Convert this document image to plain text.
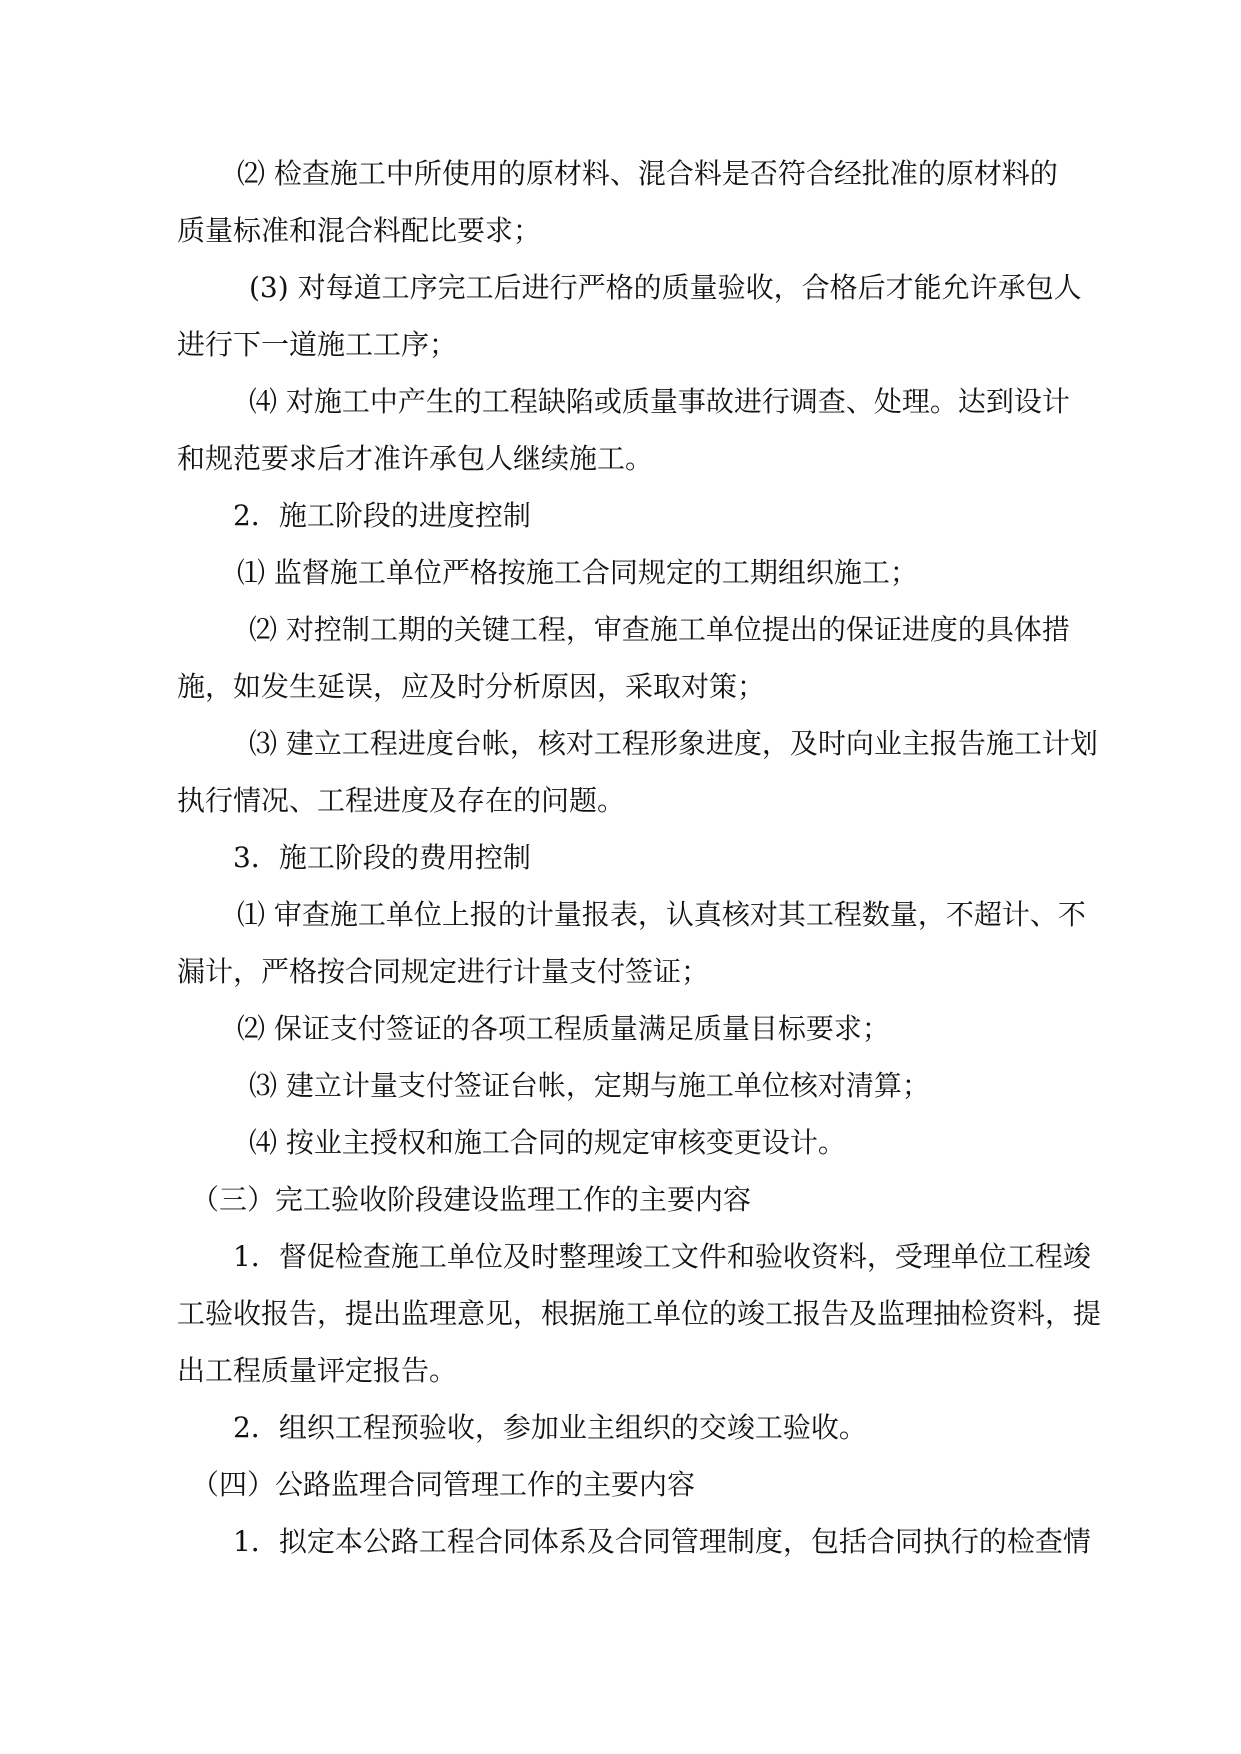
⑵ 检查施工中所使用的原材料、混合料是否符合经批准的原材料的
质量标准和混合料配比要求；
(3) 对每道工序完工后进行严格的质量验收，合格后才能允许承包人
进行下一道施工工序；
⑷ 对施工中产生的工程缺陷或质量事故进行调查、处理。达到设计
和规范要求后才准许承包人继续施工。
2．施工阶段的进度控制
⑴ 监督施工单位严格按施工合同规定的工期组织施工；
⑵ 对控制工期的关键工程，审查施工单位提出的保证进度的具体措
施，如发生延误，应及时分析原因，采取对策；
⑶ 建立工程进度台帐，核对工程形象进度，及时向业主报告施工计划
执行情况、工程进度及存在的问题。
3．施工阶段的费用控制
⑴ 审查施工单位上报的计量报表，认真核对其工程数量，不超计、不
漏计，严格按合同规定进行计量支付签证；
⑵ 保证支付签证的各项工程质量满足质量目标要求；
⑶ 建立计量支付签证台帐，定期与施工单位核对清算；
⑷ 按业主授权和施工合同的规定审核变更设计。
（三）完工验收阶段建设监理工作的主要内容
1．督促检查施工单位及时整理竣工文件和验收资料，受理单位工程竣
工验收报告，提出监理意见，根据施工单位的竣工报告及监理抽检资料，提
出工程质量评定报告。
2．组织工程预验收，参加业主组织的交竣工验收。
（四）公路监理合同管理工作的主要内容
1．拟定本公路工程合同体系及合同管理制度，包括合同执行的检查情
